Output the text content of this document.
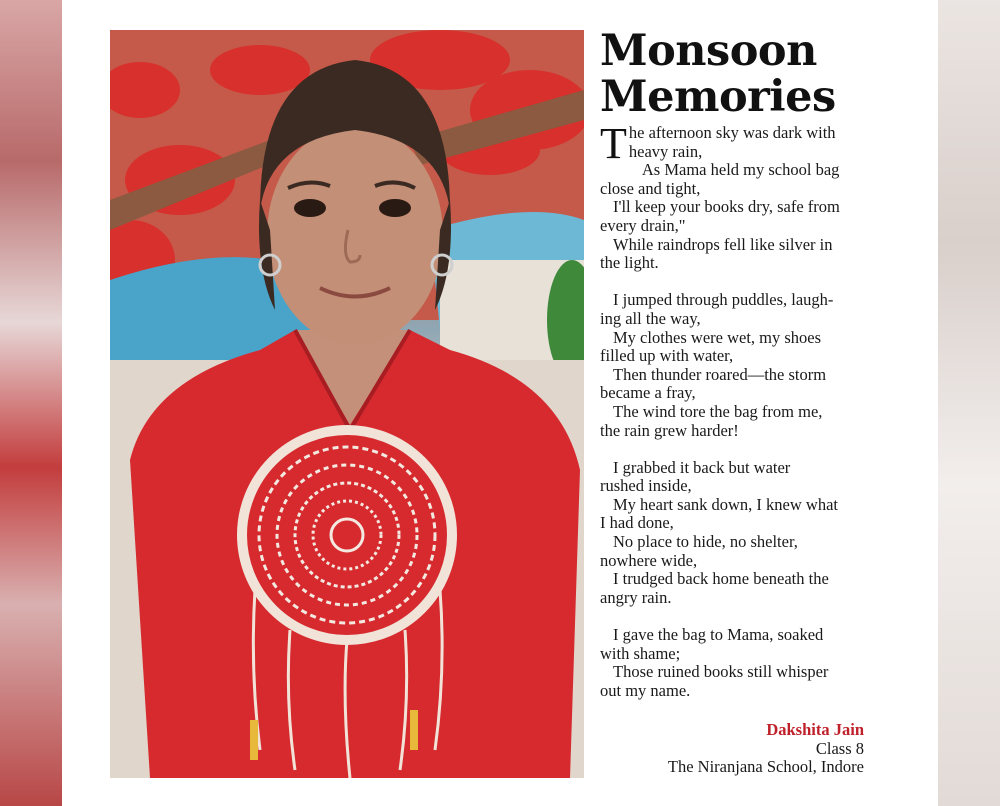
Monsoon
Memories

T he afternoon sky was dark with
heavy rain,
As Mama held my school bag
close and tight,
I'll keep your books dry, safe from
every drain,"
While raindrops fell like silver in
the light.

I jumped through puddles, laugh-
ing all the way,
My clothes were wet, my shoes
filled up with water,
Then thunder roared—the storm
became a fray,
The wind tore the bag from me,
the rain grew harder!

I grabbed it back but water
rushed inside,
My heart sank down, I knew what
I had done,
No place to hide, no shelter,
nowhere wide,
I trudged back home beneath the
angry rain.

I gave the bag to Mama, soaked
with shame;
Those ruined books still whisper
out my name.

Dakshita Jain
Class 8
The Niranjana School, Indore
